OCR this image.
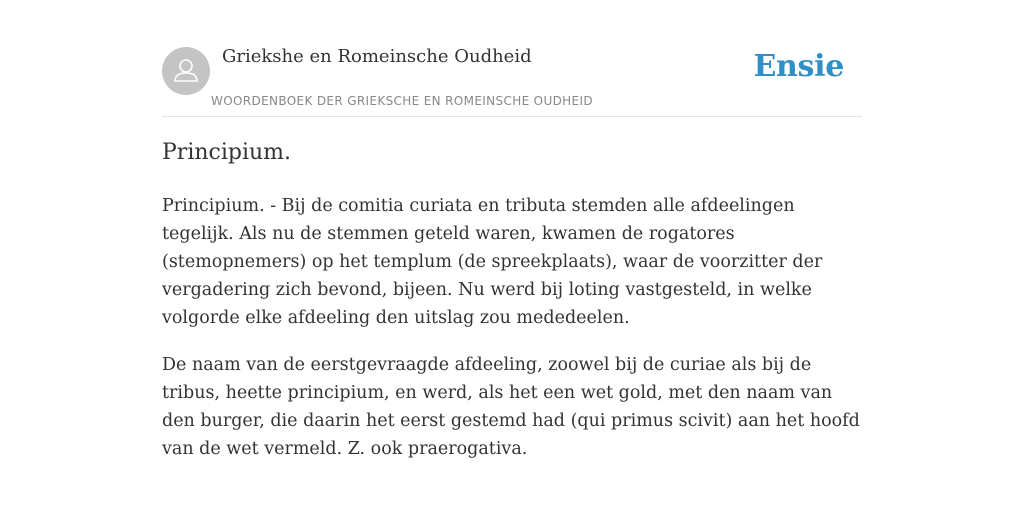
Griekshe en Romeinsche Oudheid
WOORDENBOEK DER GRIEKSCHE EN ROMEINSCHE OUDHEID
Ensie
Principium.

Principium. - Bij de comitia curiata en tributa stemden alle afdeelingen tegelijk. Als nu de stemmen geteld waren, kwamen de rogatores (stemopnemers) op het templum (de spreekplaats), waar de voorzitter der vergadering zich bevond, bijeen. Nu werd bij loting vastgesteld, in welke volgorde elke afdeeling den uitslag zou mededeelen.

De naam van de eerstgevraagde afdeeling, zoowel bij de curiae als bij de tribus, heette principium, en werd, als het een wet gold, met den naam van den burger, die daarin het eerst gestemd had (qui primus scivit) aan het hoofd van de wet vermeld. Z. ook praerogativa.
